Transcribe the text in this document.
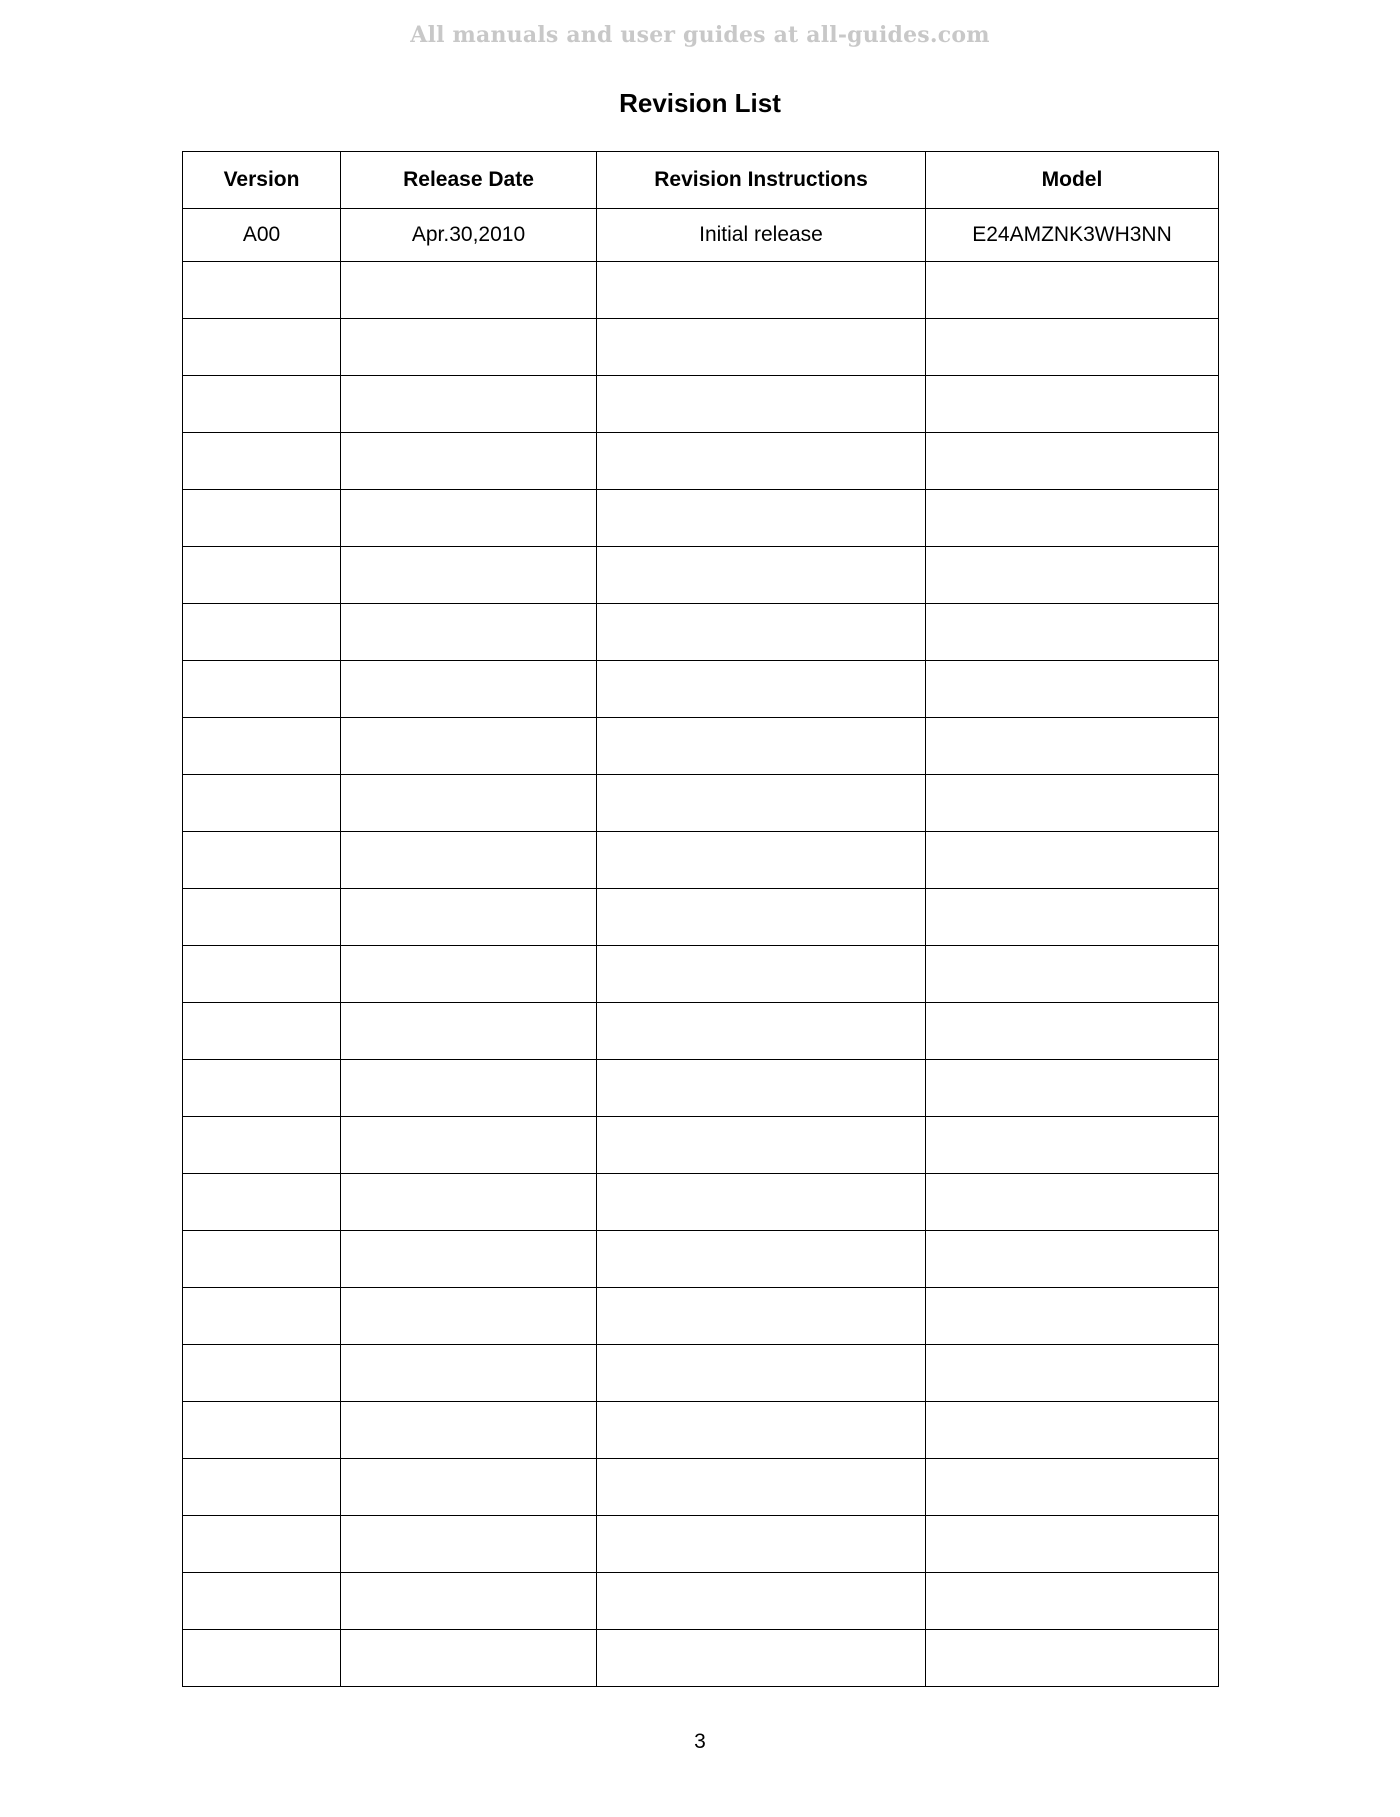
All manuals and user guides at all-guides.com
Revision List
Version	Release Date	Revision Instructions	Model
A00	Apr.30,2010	Initial release	E24AMZNK3WH3NN

3
